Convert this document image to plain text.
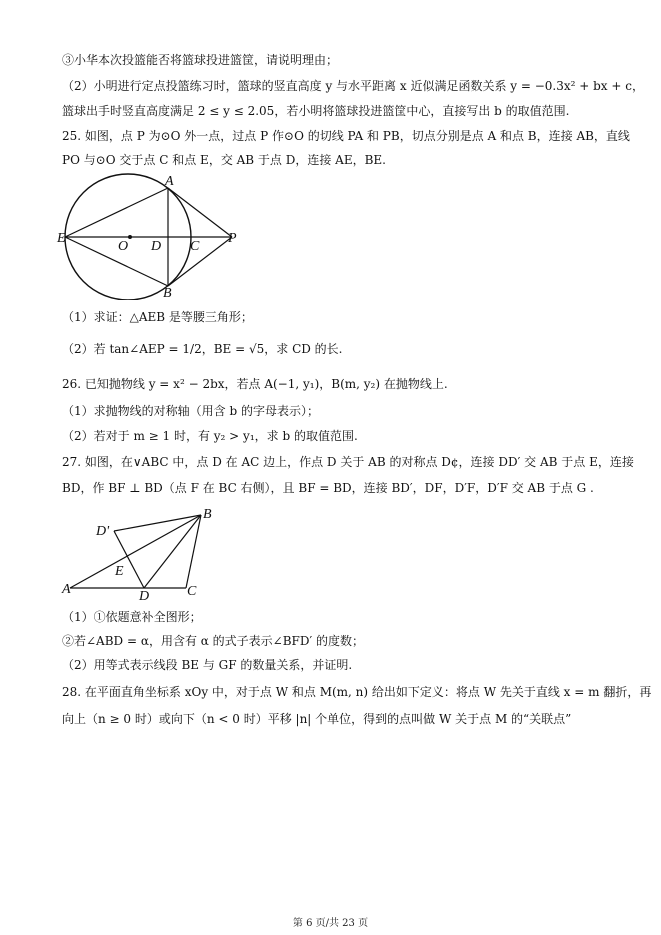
③小华本次投篮能否将篮球投进篮筐，请说明理由；
（2）小明进行定点投篮练习时，篮球的竖直高度 y 与水平距离 x 近似满足函数关系 y = −0.3x² + bx + c，
篮球出手时竖直高度满足 2 ≤ y ≤ 2.05，若小明将篮球投进篮筐中心，直接写出 b 的取值范围.
25. 如图，点 P 为⊙O 外一点，过点 P 作⊙O 的切线 PA 和 PB，切点分别是点 A 和点 B，连接 AB，直线
PO 与⊙O 交于点 C 和点 E，交 AB 于点 D，连接 AE，BE.
A
B
E
O D C
P
（1）求证：△AEB 是等腰三角形；
（2）若 tan∠AEP = 1/2，BE = √5，求 CD 的长.
26. 已知抛物线 y = x² − 2bx，若点 A(−1, y₁)，B(m, y₂) 在抛物线上.
（1）求抛物线的对称轴（用含 b 的字母表示）；
（2）若对于 m ≥ 1 时，有 y₂ > y₁，求 b 的取值范围.
27. 如图，在∨ABC 中，点 D 在 AC 边上，作点 D 关于 AB 的对称点 D¢，连接 DD′ 交 AB 于点 E，连接
BD，作 BF ⊥ BD（点 F 在 BC 右侧），且 BF = BD，连接 BD′，DF，D′F，D′F 交 AB 于点 G .
B
D'
E
A	D	C
（1）①依题意补全图形；
②若∠ABD = α，用含有 α 的式子表示∠BFD′ 的度数；
（2）用等式表示线段 BE 与 GF 的数量关系，并证明.
28. 在平面直角坐标系 xOy 中，对于点 W 和点 M(m, n) 给出如下定义：将点 W 先关于直线 x = m 翻折，再
向上（n ≥ 0 时）或向下（n < 0 时）平移 |n| 个单位，得到的点叫做 W 关于点 M 的“关联点”
第 6 页/共 23 页
